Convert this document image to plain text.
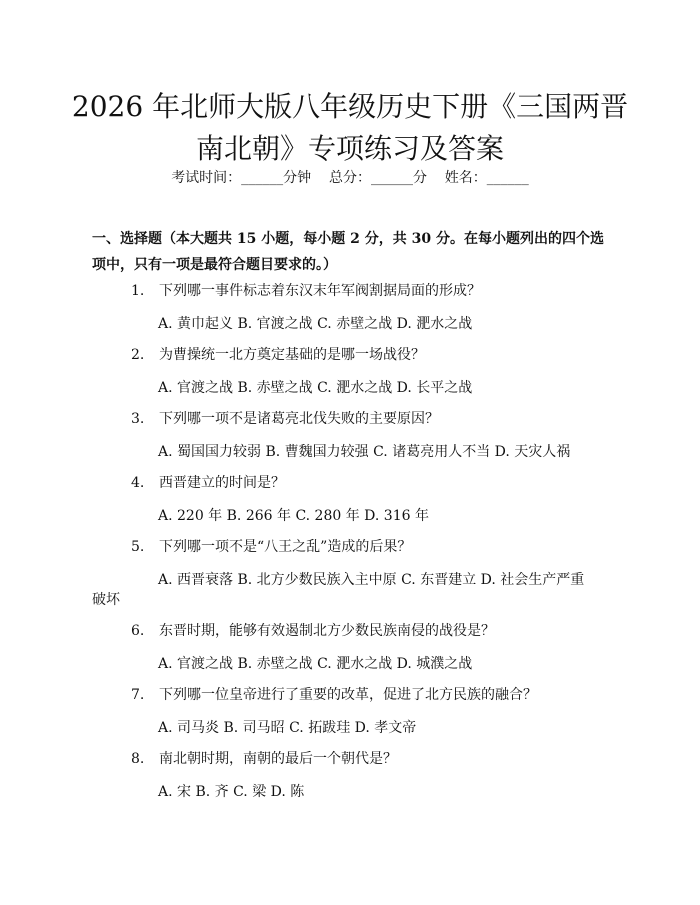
2026 年北师大版八年级历史下册《三国两晋
南北朝》专项练习及答案
考试时间：______分钟    总分：______分    姓名：______
一、选择题（本大题共 15 小题，每小题 2 分，共 30 分。在每小题列出的四个选
项中，只有一项是最符合题目要求的。）
1. 下列哪一事件标志着东汉末年军阀割据局面的形成？
A. 黄巾起义 B. 官渡之战 C. 赤壁之战 D. 淝水之战
2. 为曹操统一北方奠定基础的是哪一场战役？
A. 官渡之战 B. 赤壁之战 C. 淝水之战 D. 长平之战
3. 下列哪一项不是诸葛亮北伐失败的主要原因？
A. 蜀国国力较弱 B. 曹魏国力较强 C. 诸葛亮用人不当 D. 天灾人祸
4. 西晋建立的时间是？
A. 220 年 B. 266 年 C. 280 年 D. 316 年
5. 下列哪一项不是“八王之乱”造成的后果？
A. 西晋衰落 B. 北方少数民族入主中原 C. 东晋建立 D. 社会生产严重
破坏
6. 东晋时期，能够有效遏制北方少数民族南侵的战役是？
A. 官渡之战 B. 赤壁之战 C. 淝水之战 D. 城濮之战
7. 下列哪一位皇帝进行了重要的改革，促进了北方民族的融合？
A. 司马炎 B. 司马昭 C. 拓跋珪 D. 孝文帝
8. 南北朝时期，南朝的最后一个朝代是？
A. 宋 B. 齐 C. 梁 D. 陈
